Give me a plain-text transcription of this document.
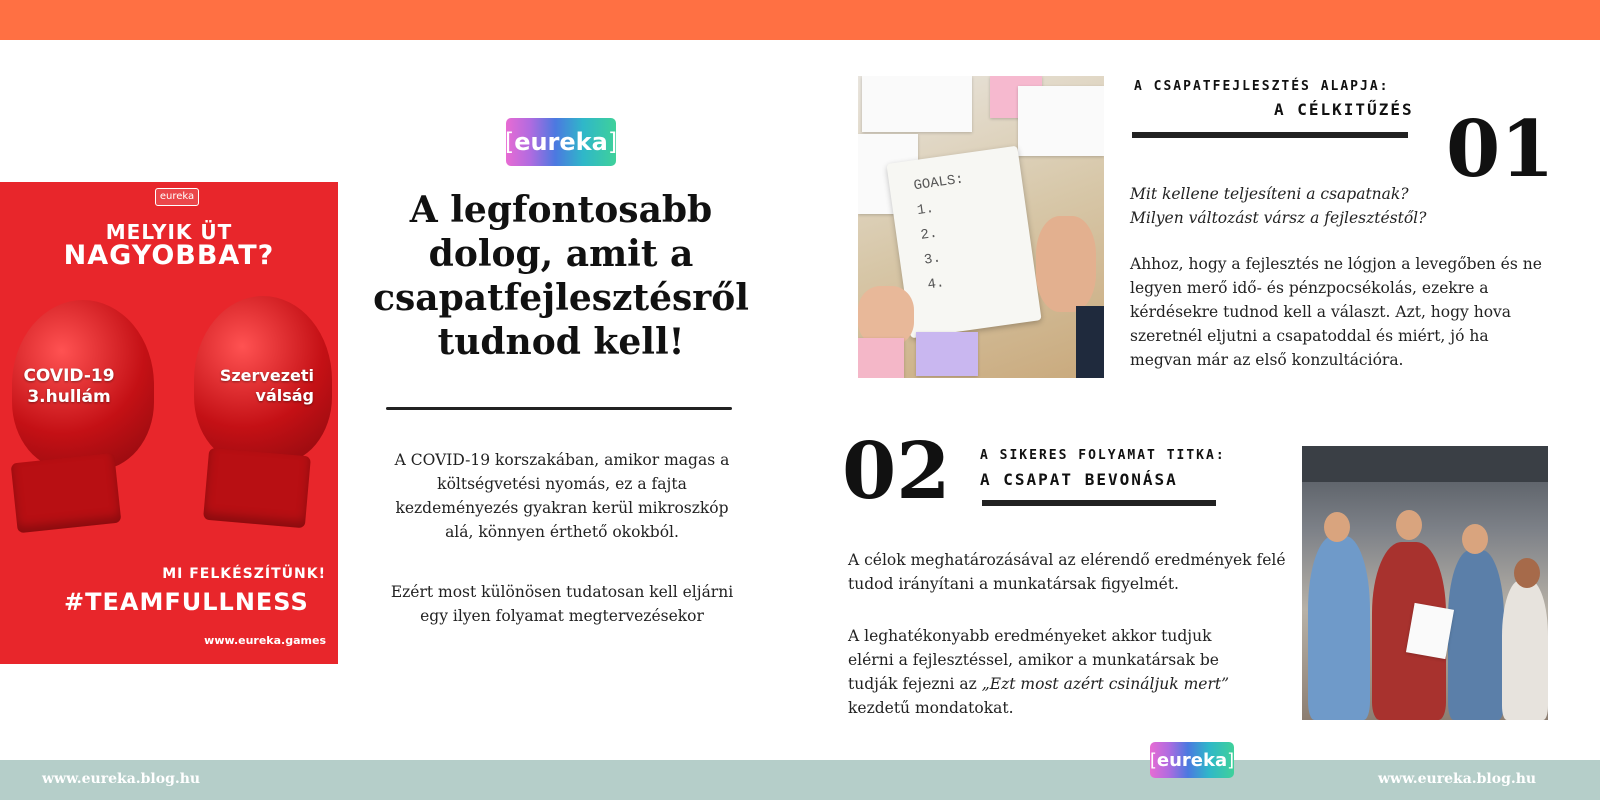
www.eureka.blog.hu	www.eureka.blog.hu
eureka
MELYIK ÜT
NAGYOBBAT?
COVID-19
3.hullám
Szervezeti
válság
MI FELKÉSZÍTÜNK!
#TEAMFULLNESS
www.eureka.games
[ eureka ]
A legfontosabb dolog, amit a csapatfejlesztésről tudnod kell!
A COVID-19 korszakában, amikor magas a költségvetési nyomás, ez a fajta kezdeményezés gyakran kerül mikroszkóp alá, könnyen érthető okokból.
Ezért most különösen tudatosan kell eljárni egy ilyen folyamat megtervezésekor
GOALS:
1.
2.
3.
4.
A CSAPATFEJLESZTÉS ALAPJA:
A CÉLKITŰZÉS 01
Mit kellene teljesíteni a csapatnak?
Milyen változást vársz a fejlesztéstől?
Ahhoz, hogy a fejlesztés ne lógjon a levegőben és ne legyen merő idő- és pénzpocsékolás, ezekre a kérdésekre tudnod kell a választ. Azt, hogy hova szeretnél eljutni a csapatoddal és miért, jó ha megvan már az első konzultációra.
02 A SIKERES FOLYAMAT TITKA:
A CSAPAT BEVONÁSA
A célok meghatározásával az elérendő eredmények felé tudod irányítani a munkatársak figyelmét.
A leghatékonyabb eredményeket akkor tudjuk elérni a fejlesztéssel, amikor a munkatársak be tudják fejezni az „Ezt most azért csináljuk mert” kezdetű mondatokat.
[ eureka ]
